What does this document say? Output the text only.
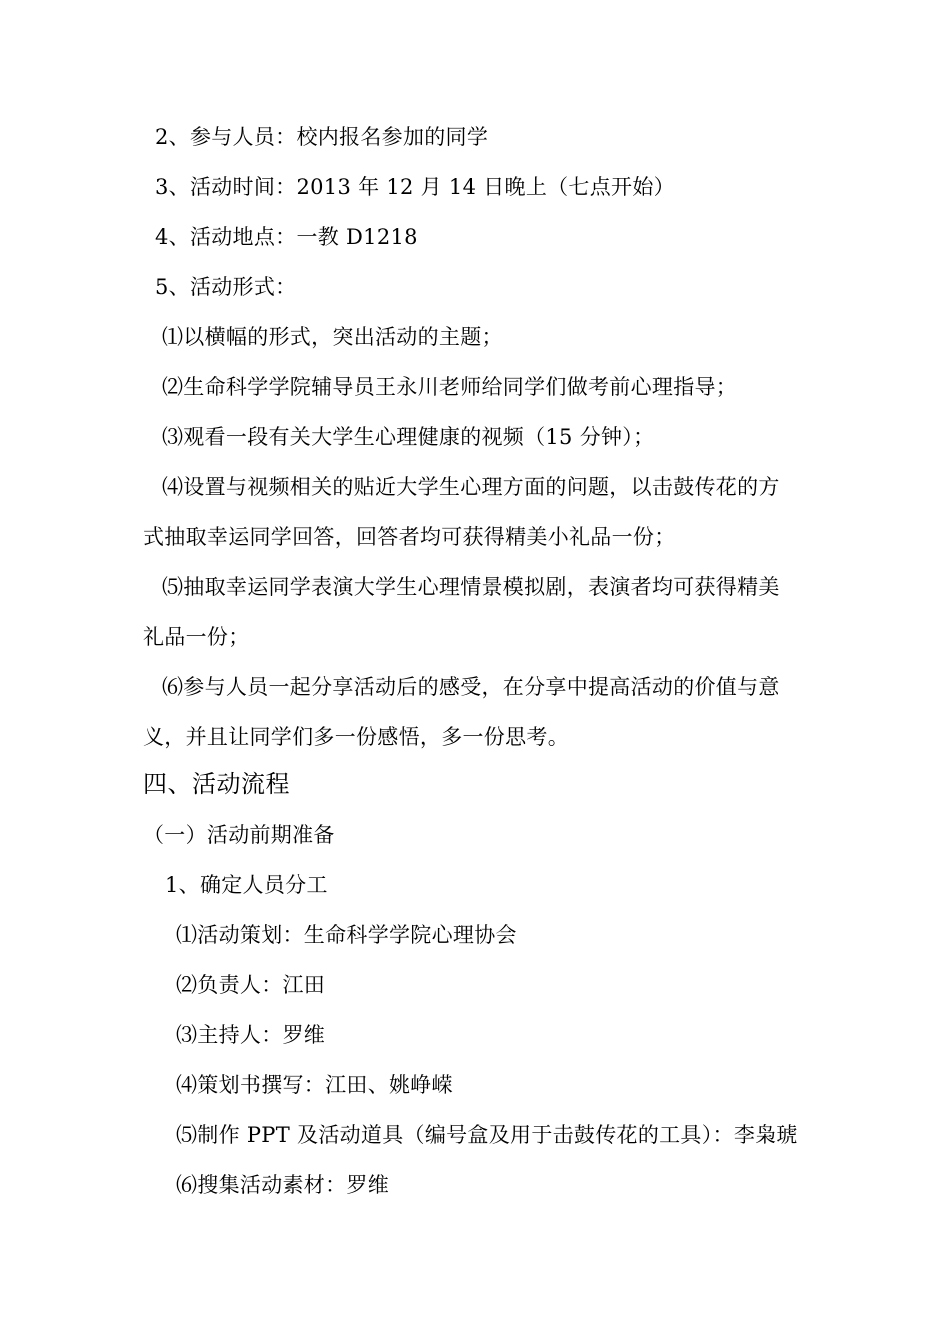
2、参与人员：校内报名参加的同学
3、活动时间：2013 年 12 月 14 日晚上（七点开始）
4、活动地点：一教 D1218
5、活动形式：
⑴以横幅的形式，突出活动的主题；
⑵生命科学学院辅导员王永川老师给同学们做考前心理指导；
⑶观看一段有关大学生心理健康的视频（15 分钟）；
⑷设置与视频相关的贴近大学生心理方面的问题，以击鼓传花的方
式抽取幸运同学回答，回答者均可获得精美小礼品一份；
⑸抽取幸运同学表演大学生心理情景模拟剧，表演者均可获得精美
礼品一份；
⑹参与人员一起分享活动后的感受，在分享中提高活动的价值与意
义，并且让同学们多一份感悟，多一份思考。
四、活动流程
（一）活动前期准备
1、确定人员分工
⑴活动策划：生命科学学院心理协会
⑵负责人：江田
⑶主持人：罗维
⑷策划书撰写：江田、姚峥嵘
⑸制作 PPT 及活动道具（编号盒及用于击鼓传花的工具）：李枭琥
⑹搜集活动素材：罗维
